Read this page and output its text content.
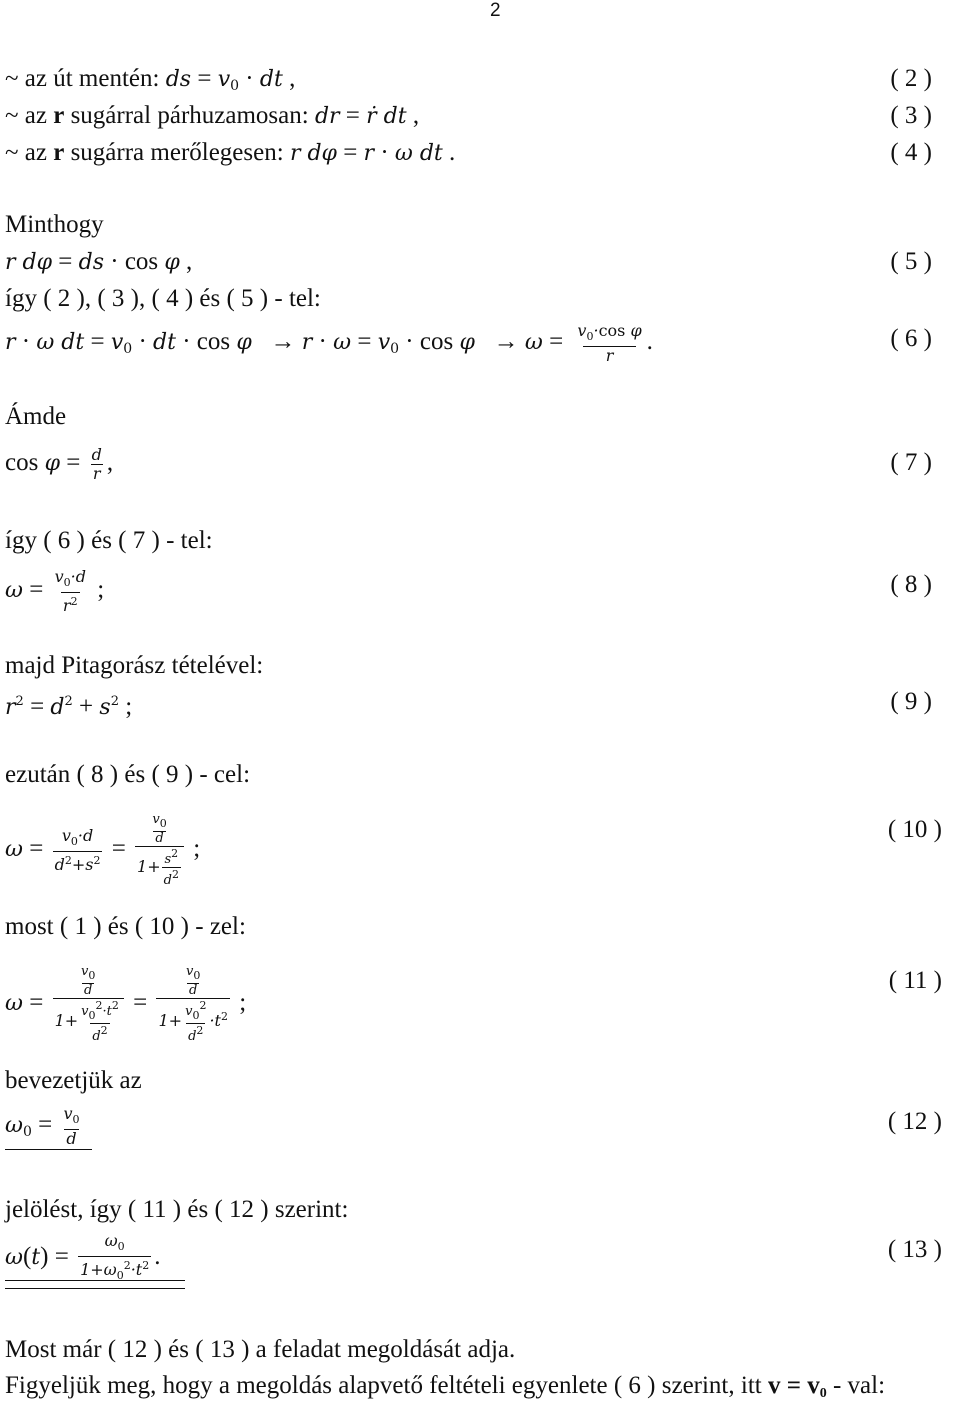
2
~ az út mentén: ds = $v_0$ · dt ,	( 2 )
~ az r sugárral párhuzamosan: dr = ṙ dt ,	( 3 )
~ az r sugárra merőlegesen: r dφ = r · ω dt .	( 4 )
Minthogy
r dφ = ds · cos φ ,	( 5 )
így ( 2 ), ( 3 ), ( 4 ) és ( 5 ) - tel:
r · ω dt = $v_0$ · dt · $\cos \varphi \to r \cdot \omega = v_0 \cdot \cos \varphi \to \omega = \frac{v_0\cdot\cos \varphi}{r}$ .	( 6 )
Ámde
$\cos \varphi = \frac{d}{r}$ ,	( 7 )
így ( 6 ) és ( 7 ) - tel:
$\omega = \frac{v_0\cdot d}{r^2}$ ;	( 8 )
majd Pitagorász tételével:
$r^2 = d^2 + s^2$ ;	( 9 )
ezután ( 8 ) és ( 9 ) - cel:
$\omega = \frac{v_0\cdot d}{d^2+s^2} = \frac{\frac{v_0}{d}}{1+ \frac{s^2}{d^2}}$ ;
( 10 )
most ( 1 ) és ( 10 ) - zel:
$\omega = \frac{\frac{v_0}{d}}{1+ \frac{v_0^2\cdot t^2}{d^2}} = \frac{\frac{v_0}{d}}{1+ \frac{v_0^2}{d^2} \cdot t^2}$ ;
( 11 )
bevezetjük az
$\omega_0 = \frac{v_0}{d}$	( 12 )
jelölést, így ( 11 ) és ( 12 ) szerint:
$\omega(t) = \frac{\omega_0}{1+\omega_0^2\cdot t^2}$ .	( 13 )
Most már ( 12 ) és ( 13 ) a feladat megoldását adja.
Figyeljük meg, hogy a megoldás alapvető feltételi egyenlete ( 6 ) szerint, itt $v = v_0$ - val:
